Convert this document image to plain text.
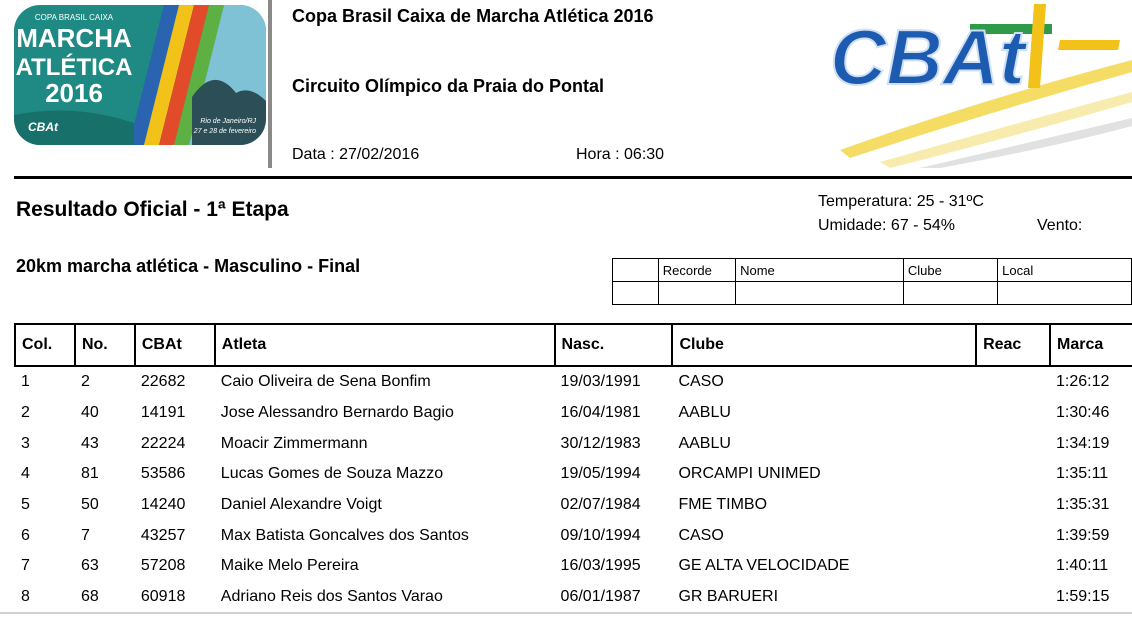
COPA BRASIL CAIXA
MARCHA
ATLÉTICA
2016
CBAt	Rio de Janeiro/RJ
27 e 28 de fevereiro
Copa Brasil Caixa de Marcha Atlética 2016
Circuito Olímpico da Praia do Pontal
Data : 27/02/2016	Hora : 06:30
CBAt
Resultado Oficial - 1ª Etapa
20km marcha atlética - Masculino - Final
Temperatura: 25 - 31ºC
Umidade: 67 - 54%	Vento:
	Recorde	Nome	Clube	Local

Col.	No.	CBAt	Atleta	Nasc.	Clube	Reac	Marca
1	2	22682	Caio Oliveira de Sena Bonfim	19/03/1991	CASO		1:26:12
2	40	14191	Jose Alessandro Bernardo Bagio	16/04/1981	AABLU		1:30:46
3	43	22224	Moacir Zimmermann	30/12/1983	AABLU		1:34:19
4	81	53586	Lucas Gomes de Souza Mazzo	19/05/1994	ORCAMPI UNIMED		1:35:11
5	50	14240	Daniel Alexandre Voigt	02/07/1984	FME TIMBO		1:35:31
6	7	43257	Max Batista Goncalves dos Santos	09/10/1994	CASO		1:39:59
7	63	57208	Maike Melo Pereira	16/03/1995	GE ALTA VELOCIDADE		1:40:11
8	68	60918	Adriano Reis dos Santos Varao	06/01/1987	GR BARUERI		1:59:15
